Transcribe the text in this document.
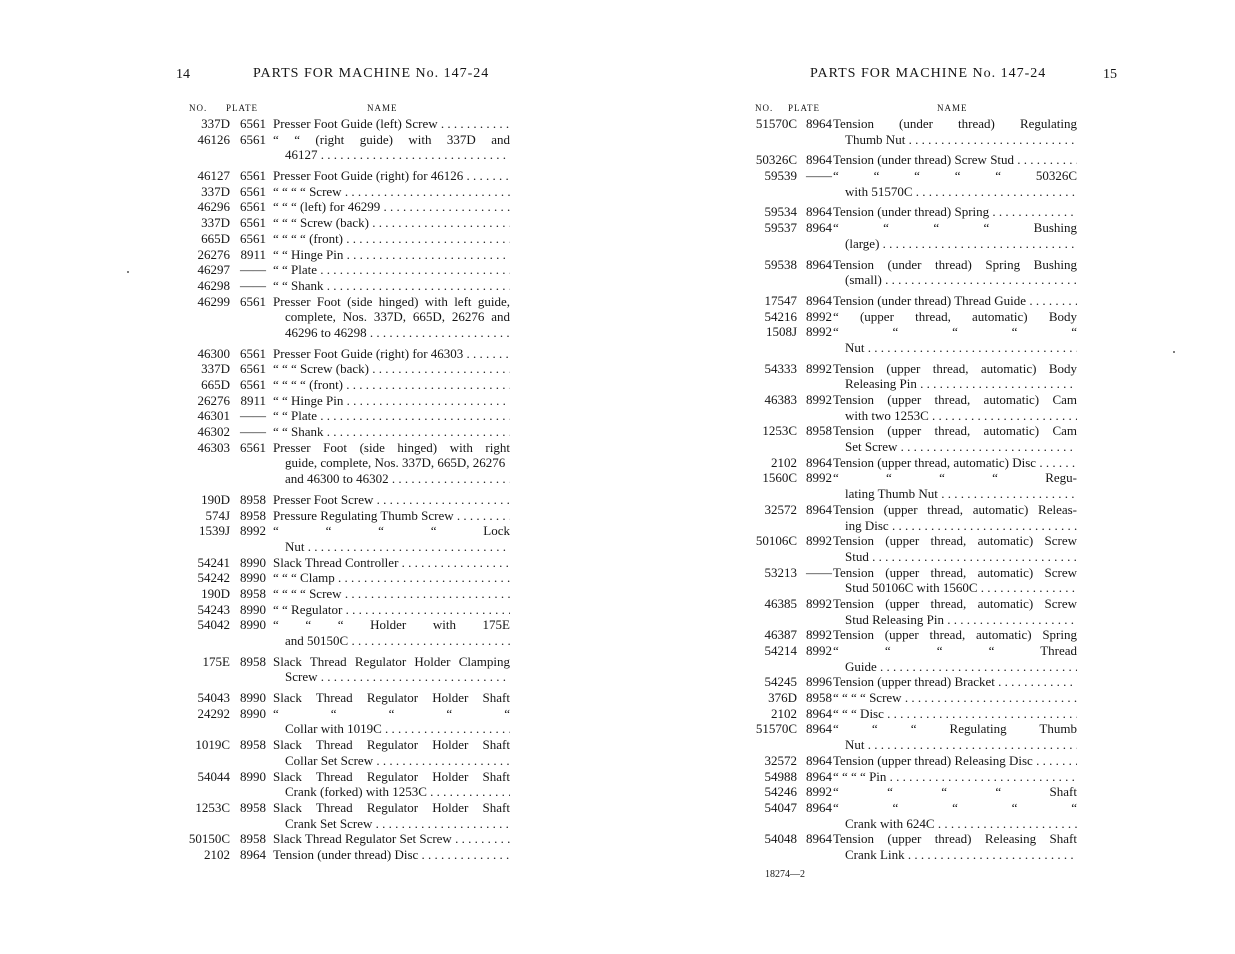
14	PARTS FOR MACHINE No. 147-24
NO. PLATE	NAME
337D 6561 Presser Foot Guide (left) Screw . . .
46126 6561 “ “ (right guide) with 337D and
46127 . . .
46127 6561 Presser Foot Guide (right) for 46126 . . .
337D 6561 “ “ “ “ Screw . . .
46296 6561 “ “ “ (left) for 46299 . . .
337D 6561 “ “ “ Screw (back) . . .
665D 6561 “ “ “ “ (front) . . .
26276 8911 “ “ Hinge Pin . . .
46297 —— “ “ Plate . . .
46298 —— “ “ Shank . . .
46299 6561 Presser Foot (side hinged) with left guide,
complete, Nos. 337D, 665D, 26276 and
46296 to 46298 . . .
46300 6561 Presser Foot Guide (right) for 46303 . . .
337D 6561 “ “ “ Screw (back) . . .
665D 6561 “ “ “ “ (front) . . .
26276 8911 “ “ Hinge Pin . . .
46301 —— “ “ Plate . . .
46302 —— “ “ Shank . . .
46303 6561 Presser Foot (side hinged) with right
guide, complete, Nos. 337D, 665D, 26276
and 46300 to 46302 . . .
190D 8958 Presser Foot Screw . . .
574J 8958 Pressure Regulating Thumb Screw . . .
1539J 8992 “ “ “ “ Lock
Nut . . .
54241 8990 Slack Thread Controller . . .
54242 8990 “ “ “ Clamp . . .
190D 8958 “ “ “ “ Screw . . .
54243 8990 “ “ Regulator . . .
54042 8990 “ “ “ Holder with 175E
and 50150C . . .
175E 8958 Slack Thread Regulator Holder Clamping
Screw . . .
54043 8990 Slack Thread Regulator Holder Shaft
24292 8990 “ “ “ “ “
Collar with 1019C . . .
1019C 8958 Slack Thread Regulator Holder Shaft
Collar Set Screw . . .
54044 8990 Slack Thread Regulator Holder Shaft
Crank (forked) with 1253C . . .
1253C 8958 Slack Thread Regulator Holder Shaft
Crank Set Screw . . .
50150C 8958 Slack Thread Regulator Set Screw . . .
2102 8964 Tension (under thread) Disc . . .
PARTS FOR MACHINE No. 147-24	15
NO. PLATE	NAME
51570C 8964 Tension (under thread) Regulating
Thumb Nut . . .
50326C 8964 Tension (under thread) Screw Stud . . .
59539 —— “ “ “ “ “ 50326C
with 51570C . . .
59534 8964 Tension (under thread) Spring . . .
59537 8964 “ “ “ “ Bushing
(large) . . .
59538 8964 Tension (under thread) Spring Bushing
(small) . . .
17547 8964 Tension (under thread) Thread Guide . . .
54216 8992 “ (upper thread, automatic) Body
1508J 8992 “ “ “ “ “
Nut . . .
54333 8992 Tension (upper thread, automatic) Body
Releasing Pin . . .
46383 8992 Tension (upper thread, automatic) Cam
with two 1253C . . .
1253C 8958 Tension (upper thread, automatic) Cam
Set Screw . . .
2102 8964 Tension (upper thread, automatic) Disc . . .
1560C 8992 “ “ “ “ Regu-
lating Thumb Nut . . .
32572 8964 Tension (upper thread, automatic) Releas-
ing Disc . . .
50106C 8992 Tension (upper thread, automatic) Screw
Stud . . .
53213 —— Tension (upper thread, automatic) Screw
Stud 50106C with 1560C . . .
46385 8992 Tension (upper thread, automatic) Screw
Stud Releasing Pin . . .
46387 8992 Tension (upper thread, automatic) Spring
54214 8992 “ “ “ “ Thread
Guide . . .
54245 8996 Tension (upper thread) Bracket . . .
376D 8958 “ “ “ “ Screw . . .
2102 8964 “ “ “ Disc . . .
51570C 8964 “ “ “ Regulating Thumb
Nut . . .
32572 8964 Tension (upper thread) Releasing Disc . . .
54988 8964 “ “ “ “ Pin . . .
54246 8992 “ “ “ “ Shaft
54047 8964 “ “ “ “ “
Crank with 624C . . .
54048 8964 Tension (upper thread) Releasing Shaft
Crank Link . . .
18274—2
